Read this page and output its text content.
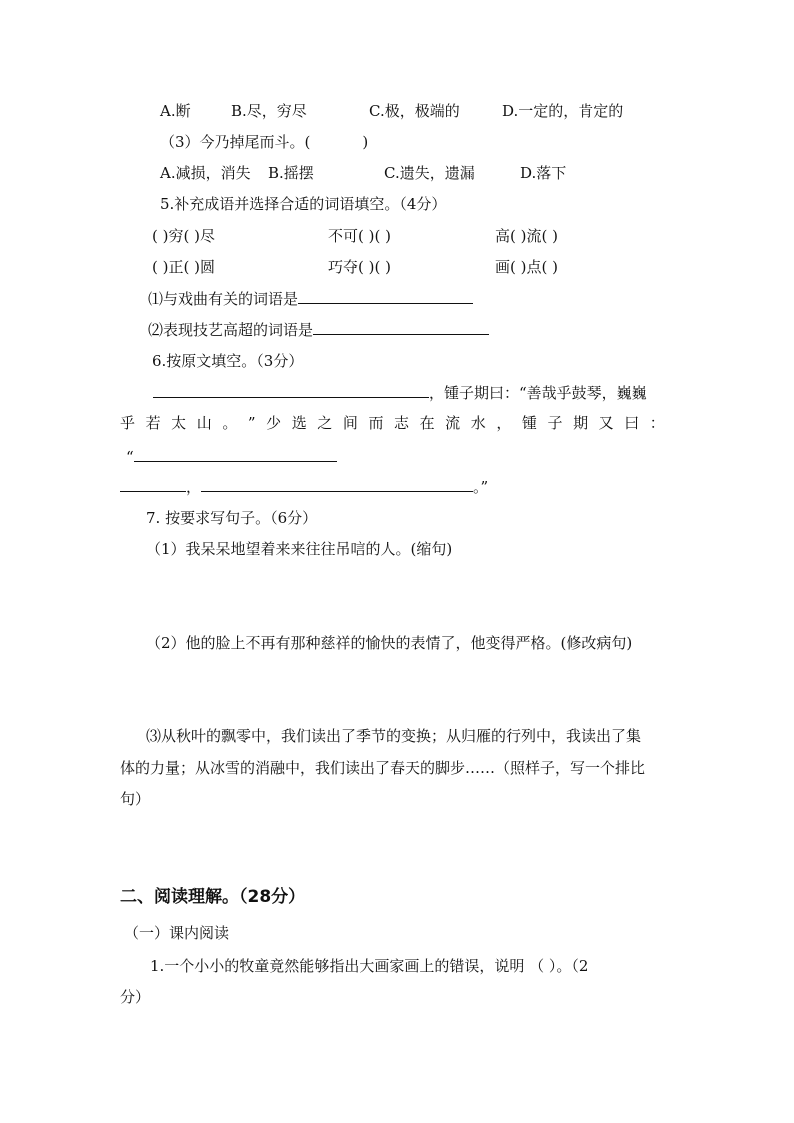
A.断	B.尽，穷尽	C.极，极端的	D.一定的，肯定的
（3）今乃掉尾而斗。(	)
A.减损，消失 B.摇摆	C.遗失，遗漏	D.落下
5.补充成语并选择合适的词语填空。（4分）
( )穷( )尽	不可( )( )	高( )流( )
( )正( )圆	巧夺( )( )	画( )点( )
⑴与戏曲有关的词语是
⑵表现技艺高超的词语是
6.按原文填空。（3分）
，锺子期曰：“善哉乎鼓琴，巍巍
乎 若 太 山 。 ” 少 选 之 间 而 志 在 流 水 ， 锺 子 期 又 曰 ：
“
，	。”
7. 按要求写句子。（6分）
（1）我呆呆地望着来来往往吊唁的人。(缩句)
（2）他的脸上不再有那种慈祥的愉快的表情了，他变得严格。(修改病句)
⑶从秋叶的飘零中，我们读出了季节的变换；从归雁的行列中，我读出了集
体的力量；从冰雪的消融中，我们读出了春天的脚步……（照样子，写一个排比
句）
二、阅读理解。（28分）
（一）课内阅读
1.一个小小的牧童竟然能够指出大画家画上的错误，说明 （ ）。（2
分）
